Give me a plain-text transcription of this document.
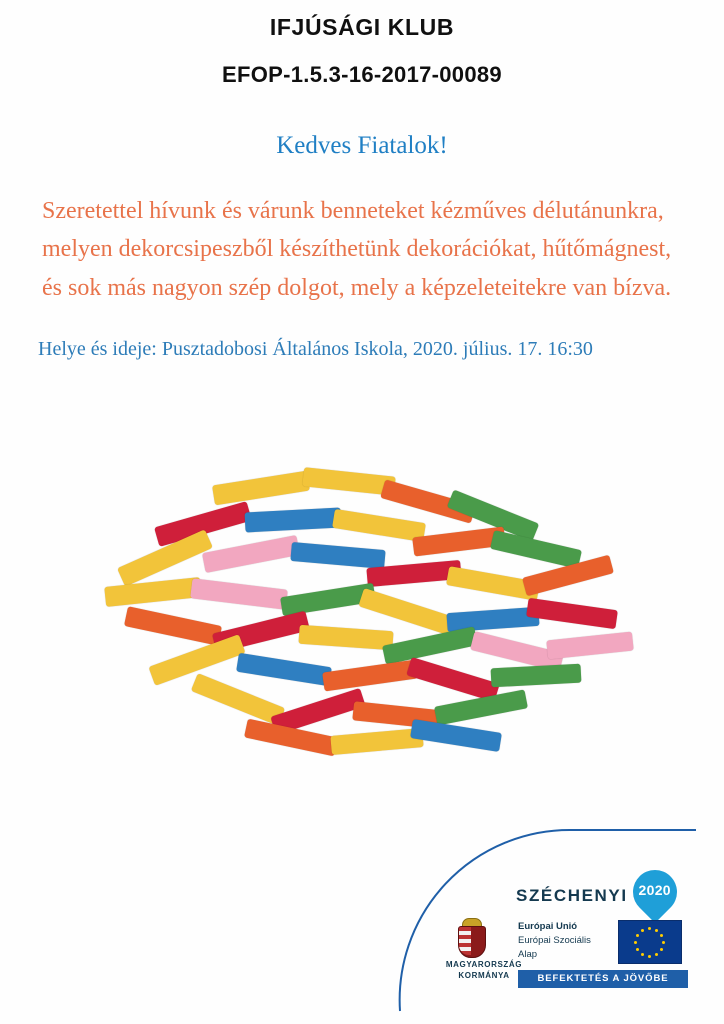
IFJÚSÁGI KLUB
EFOP-1.5.3-16-2017-00089
Kedves Fiatalok!
Szeretettel hívunk és várunk benneteket kézműves délutánunkra, melyen dekorcsipeszből készíthetünk dekorációkat, hűtőmágnest, és sok más nagyon szép dolgot, mely a képzeleteitekre van bízva.
Helye és ideje: Pusztadobosi Általános Iskola, 2020. július. 17. 16:30
SZÉCHENYI 2020
MAGYARORSZÁG KORMÁNYA
Európai Unió
Európai Szociális
Alap

BEFEKTETÉS A JÖVŐBE
